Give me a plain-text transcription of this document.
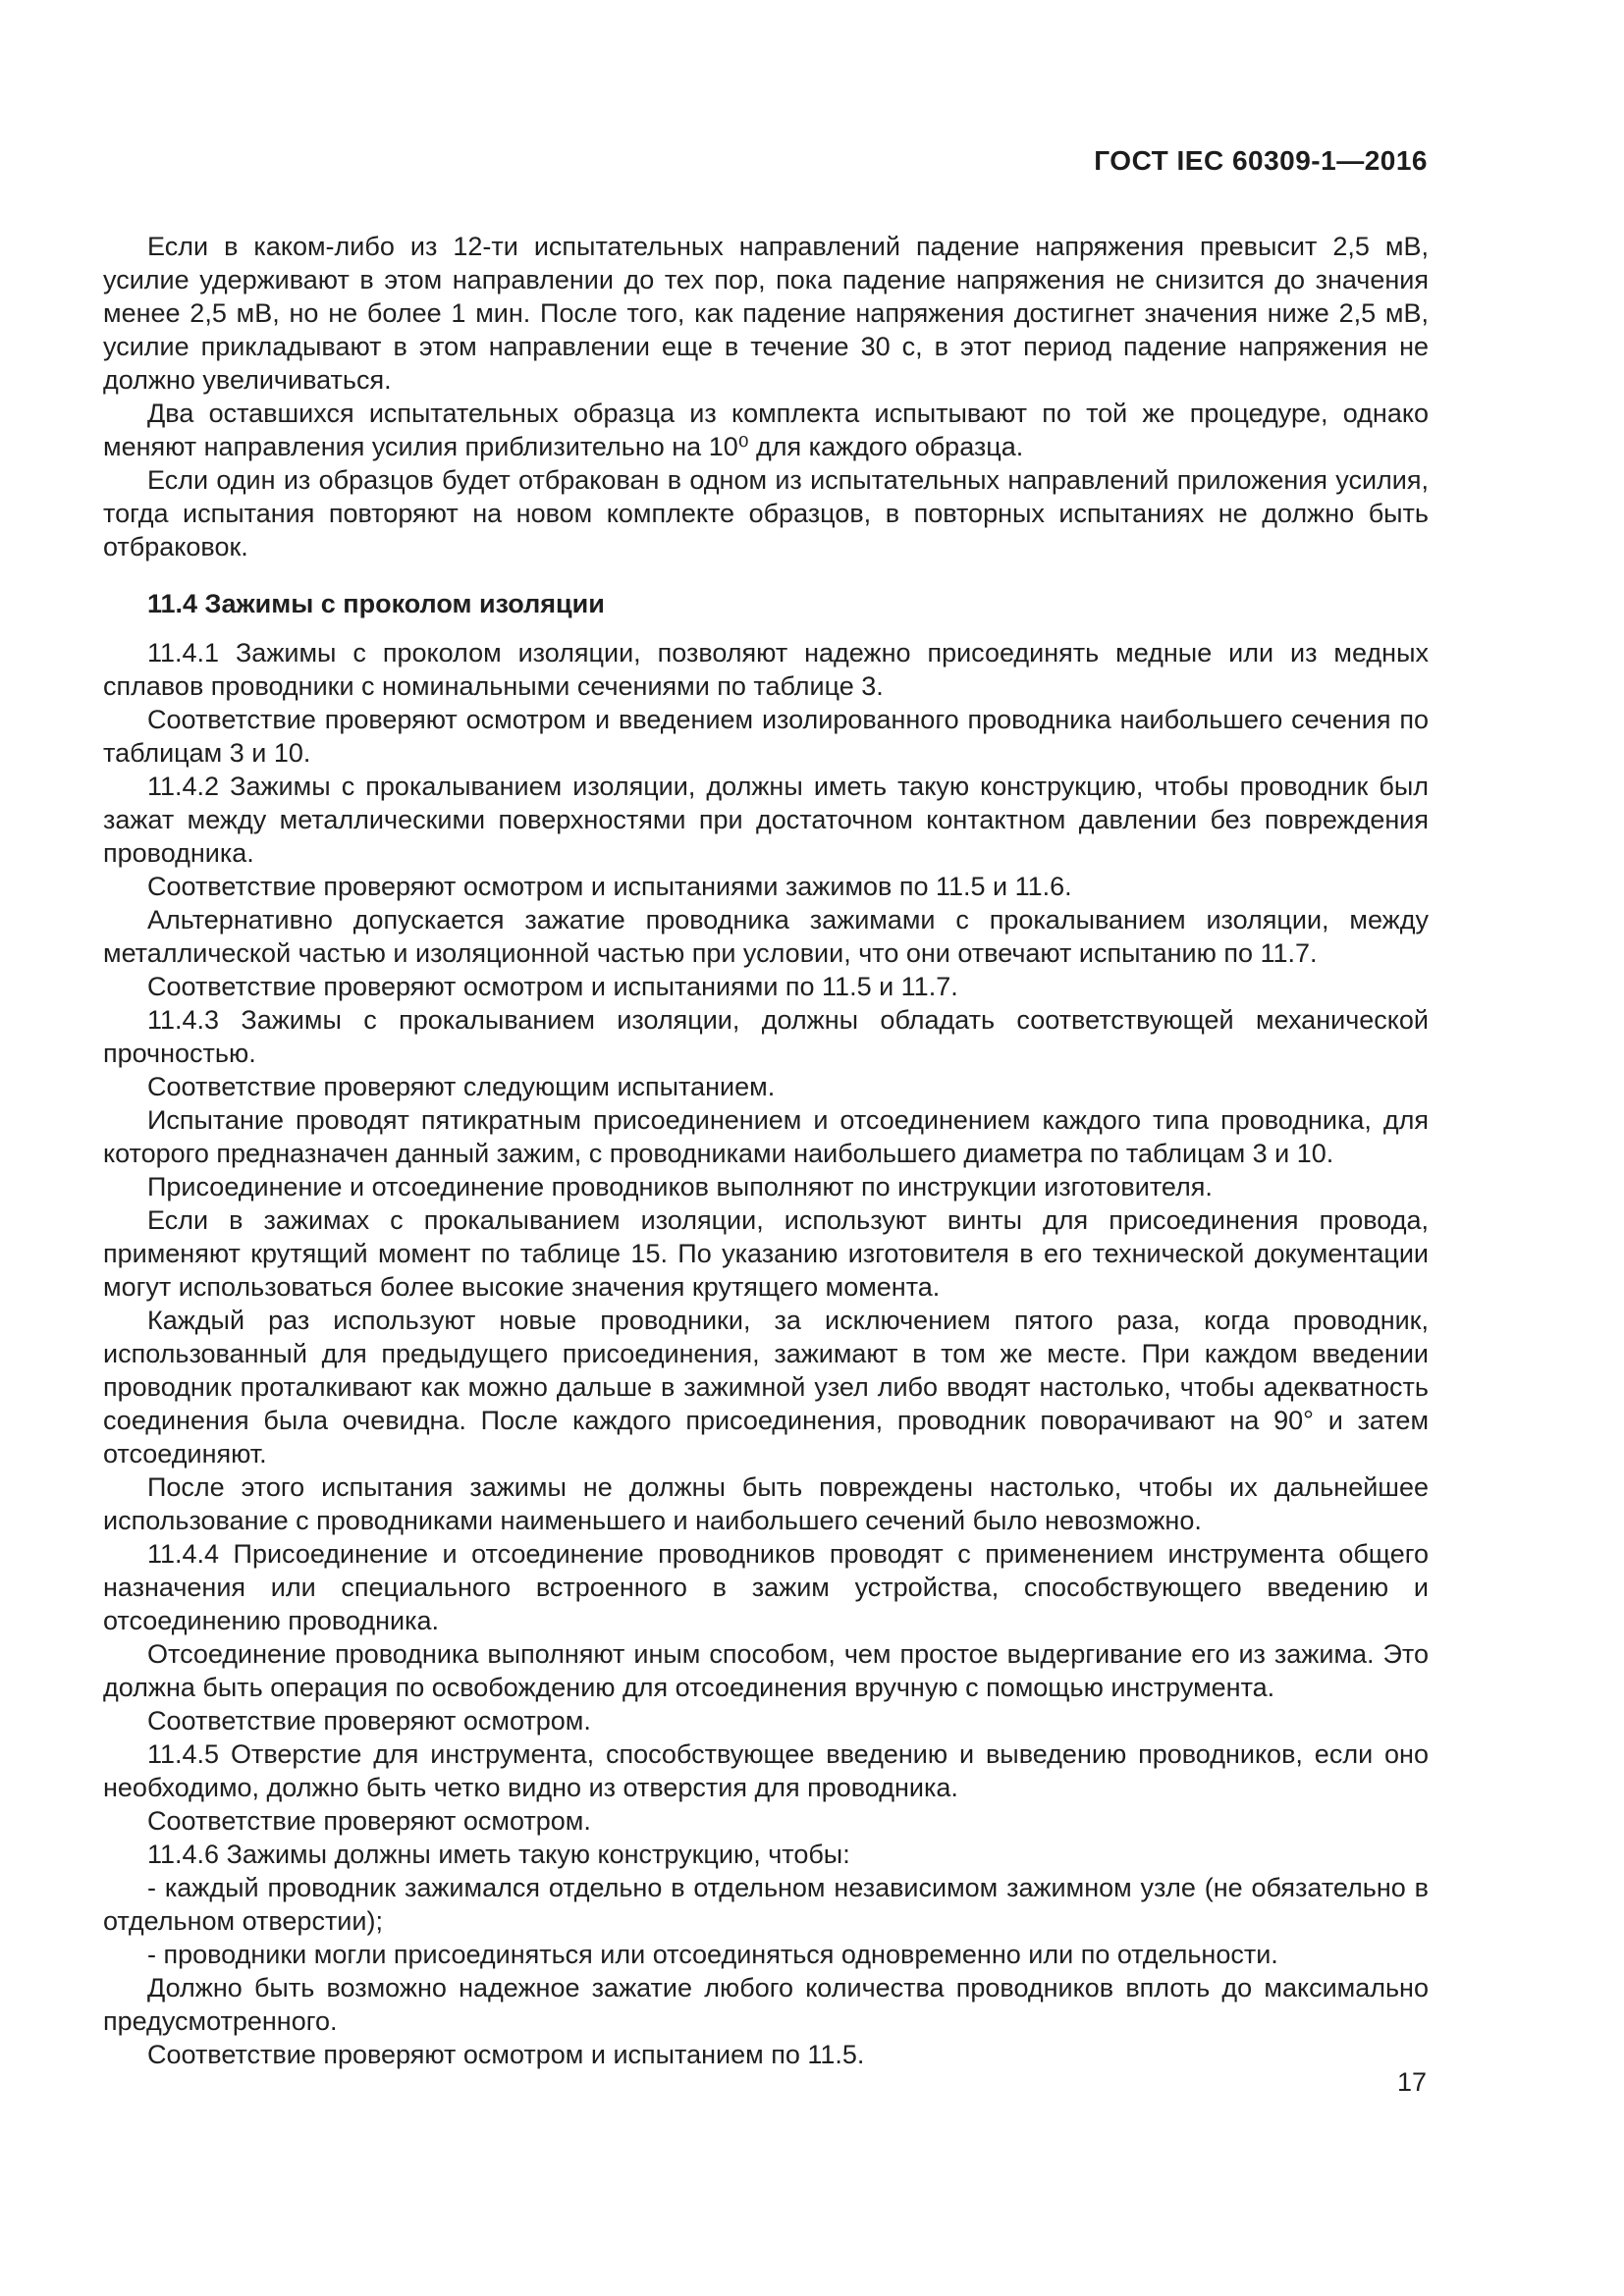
ГОСТ IEC 60309-1—2016

Если в каком-либо из 12-ти испытательных направлений падение напряжения превысит 2,5 мВ, усилие удерживают в этом направлении до тех пор, пока падение напряжения не снизится до значения менее 2,5 мВ, но не более 1 мин. После того, как падение напряжения достигнет значения ниже 2,5 мВ, усилие прикладывают в этом направлении еще в течение 30 с, в этот период падение напряжения не должно увеличиваться.

Два оставшихся испытательных образца из комплекта испытывают по той же процедуре, однако меняют направления усилия приблизительно на 10⁰ для каждого образца.

Если один из образцов будет отбракован в одном из испытательных направлений приложения усилия, тогда испытания повторяют на новом комплекте образцов, в повторных испытаниях не должно быть отбраковок.

11.4 Зажимы с проколом изоляции

11.4.1 Зажимы с проколом изоляции, позволяют надежно присоединять медные или из медных сплавов проводники с номинальными сечениями по таблице 3.

Соответствие проверяют осмотром и введением изолированного проводника наибольшего сечения по таблицам 3 и 10.

11.4.2 Зажимы с прокалыванием изоляции, должны иметь такую конструкцию, чтобы проводник был зажат между металлическими поверхностями при достаточном контактном давлении без повреждения проводника.

Соответствие проверяют осмотром и испытаниями зажимов по 11.5 и 11.6.

Альтернативно допускается зажатие проводника зажимами с прокалыванием изоляции, между металлической частью и изоляционной частью при условии, что они отвечают испытанию по 11.7.

Соответствие проверяют осмотром и испытаниями по 11.5 и 11.7.

11.4.3 Зажимы с прокалыванием изоляции, должны обладать соответствующей механической прочностью.

Соответствие проверяют следующим испытанием.

Испытание проводят пятикратным присоединением и отсоединением каждого типа проводника, для которого предназначен данный зажим, с проводниками наибольшего диаметра по таблицам 3 и 10.

Присоединение и отсоединение проводников выполняют по инструкции изготовителя.

Если в зажимах с прокалыванием изоляции, используют винты для присоединения провода, применяют крутящий момент по таблице 15. По указанию изготовителя в его технической документации могут использоваться более высокие значения крутящего момента.

Каждый раз используют новые проводники, за исключением пятого раза, когда проводник, использованный для предыдущего присоединения, зажимают в том же месте. При каждом введении проводник проталкивают как можно дальше в зажимной узел либо вводят настолько, чтобы адекватность соединения была очевидна. После каждого присоединения, проводник поворачивают на 90° и затем отсоединяют.

После этого испытания зажимы не должны быть повреждены настолько, чтобы их дальнейшее использование с проводниками наименьшего и наибольшего сечений было невозможно.

11.4.4 Присоединение и отсоединение проводников проводят с применением инструмента общего назначения или специального встроенного в зажим устройства, способствующего введению и отсоединению проводника.

Отсоединение проводника выполняют иным способом, чем простое выдергивание его из зажима. Это должна быть операция по освобождению для отсоединения вручную с помощью инструмента.

Соответствие проверяют осмотром.

11.4.5 Отверстие для инструмента, способствующее введению и выведению проводников, если оно необходимо, должно быть четко видно из отверстия для проводника.

Соответствие проверяют осмотром.

11.4.6 Зажимы должны иметь такую конструкцию, чтобы:

- каждый проводник зажимался отдельно в отдельном независимом зажимном узле (не обязательно в отдельном отверстии);

- проводники могли присоединяться или отсоединяться одновременно или по отдельности.

Должно быть возможно надежное зажатие любого количества проводников вплоть до максимально предусмотренного.

Соответствие проверяют осмотром и испытанием по 11.5.

17
